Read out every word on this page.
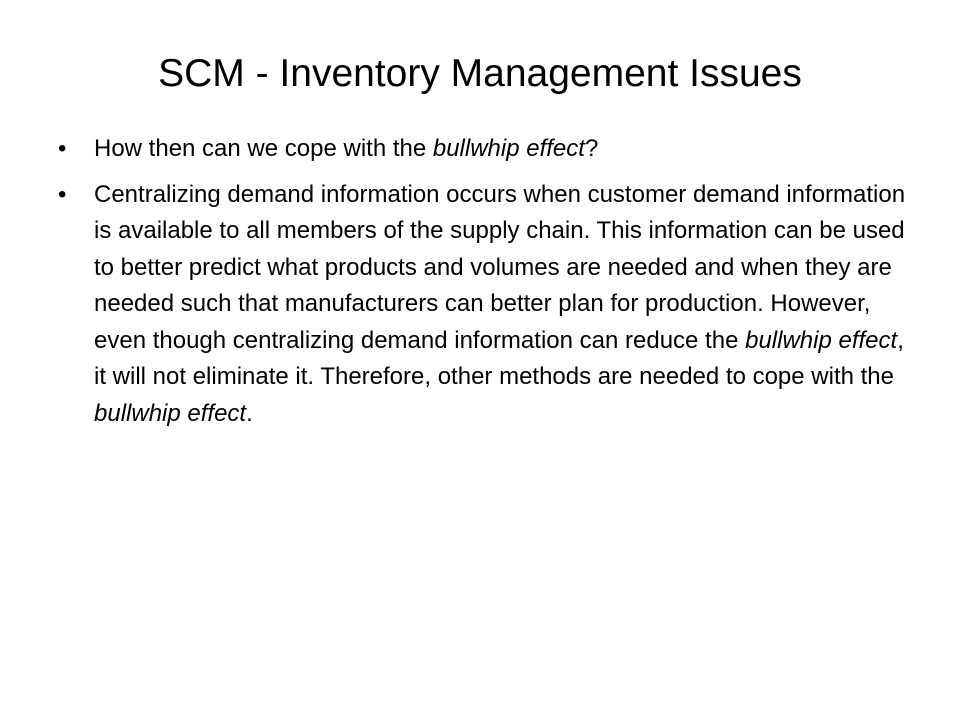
SCM - Inventory Management Issues
•	How then can we cope with the bullwhip effect?
•	Centralizing demand information occurs when customer demand information is available to all members of the supply chain. This information can be used to better predict what products and volumes are needed and when they are needed such that manufacturers can better plan for production. However, even though centralizing demand information can reduce the bullwhip effect, it will not eliminate it. Therefore, other methods are needed to cope with the bullwhip effect.
